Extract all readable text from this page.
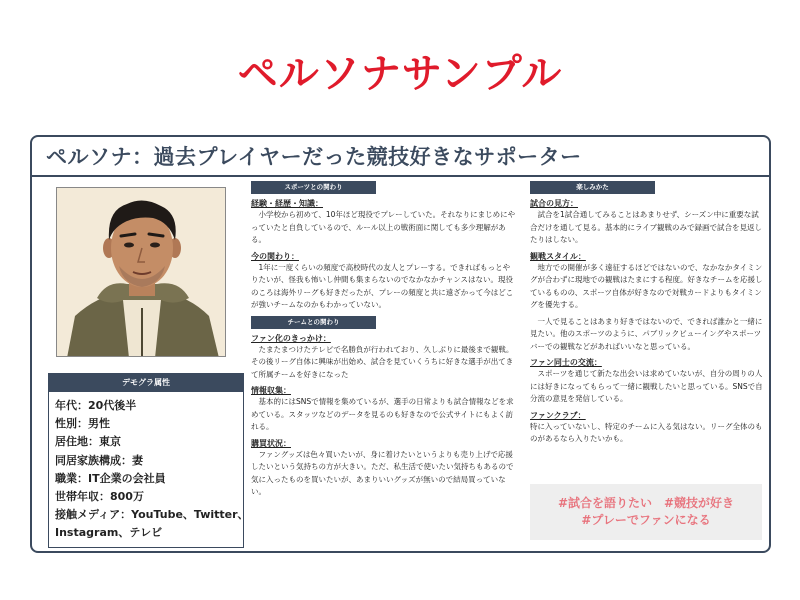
ペルソナサンプル
ペルソナ：過去プレイヤーだった競技好きなサポーター
デモグラ属性
年代：20代後半
性別：男性
居住地：東京
同居家族構成：妻
職業：IT企業の会社員
世帯年収：800万
接触メディア：YouTube、Twitter、
Instagram、テレビ
スポーツとの関わり
経験・経歴・知識：
小学校から初めて、10年ほど現役でプレーしていた。それなりにまじめにやっていたと自負しているので、ルール以上の戦術面に関しても多少理解がある。
今の関わり：
1年に一度くらいの頻度で高校時代の友人とプレーする。できればもっとやりたいが、怪我も怖いし仲間も集まらないのでなかなかチャンスはない。現役のころは海外リーグも好きだったが、プレーの頻度と共に遠ざかって今はどこが強いチームなのかもわかっていない。
チームとの関わり
ファン化のきっかけ：
たまたまつけたテレビで名勝負が行われており、久しぶりに最後まで観戦。その後リーグ自体に興味が出始め、試合を見ていくうちに好きな選手が出てきて所属チームを好きになった
情報収集：
基本的にはSNSで情報を集めているが、選手の日常よりも試合情報などを求めている。スタッツなどのデータを見るのも好きなので公式サイトにもよく訪れる。
購買状況：
ファングッズは色々買いたいが、身に着けたいというよりも売り上げで応援したいという気持ちの方が大きい。ただ、私生活で使いたい気持ちもあるので気に入ったものを買いたいが、あまりいいグッズが無いので結局買っていない。
楽しみかた
試合の見方：
試合を1試合通してみることはあまりせず、シーズン中に重要な試合だけを通して見る。基本的にライブ観戦のみで録画で試合を見返したりはしない。
観戦スタイル：
地方での開催が多く遠征するほどではないので、なかなかタイミングが合わずに現地での観戦はたまにする程度。好きなチームを応援しているものの、スポーツ自体が好きなので対戦カードよりもタイミングを優先する。
一人で見ることはあまり好きではないので、できれば誰かと一緒に見たい。他のスポーツのように、パブリックビューイングやスポーツバーでの観戦などがあればいいなと思っている。
ファン同士の交流：
スポーツを通じて新たな出会いは求めていないが、自分の周りの人には好きになってもらって一緒に観戦したいと思っている。SNSで自分流の意見を発信している。
ファンクラブ：
特に入っていないし、特定のチームに入る気はない。リーグ全体のものがあるなら入りたいかも。
#試合を語りたい　#競技が好き
#プレーでファンになる
